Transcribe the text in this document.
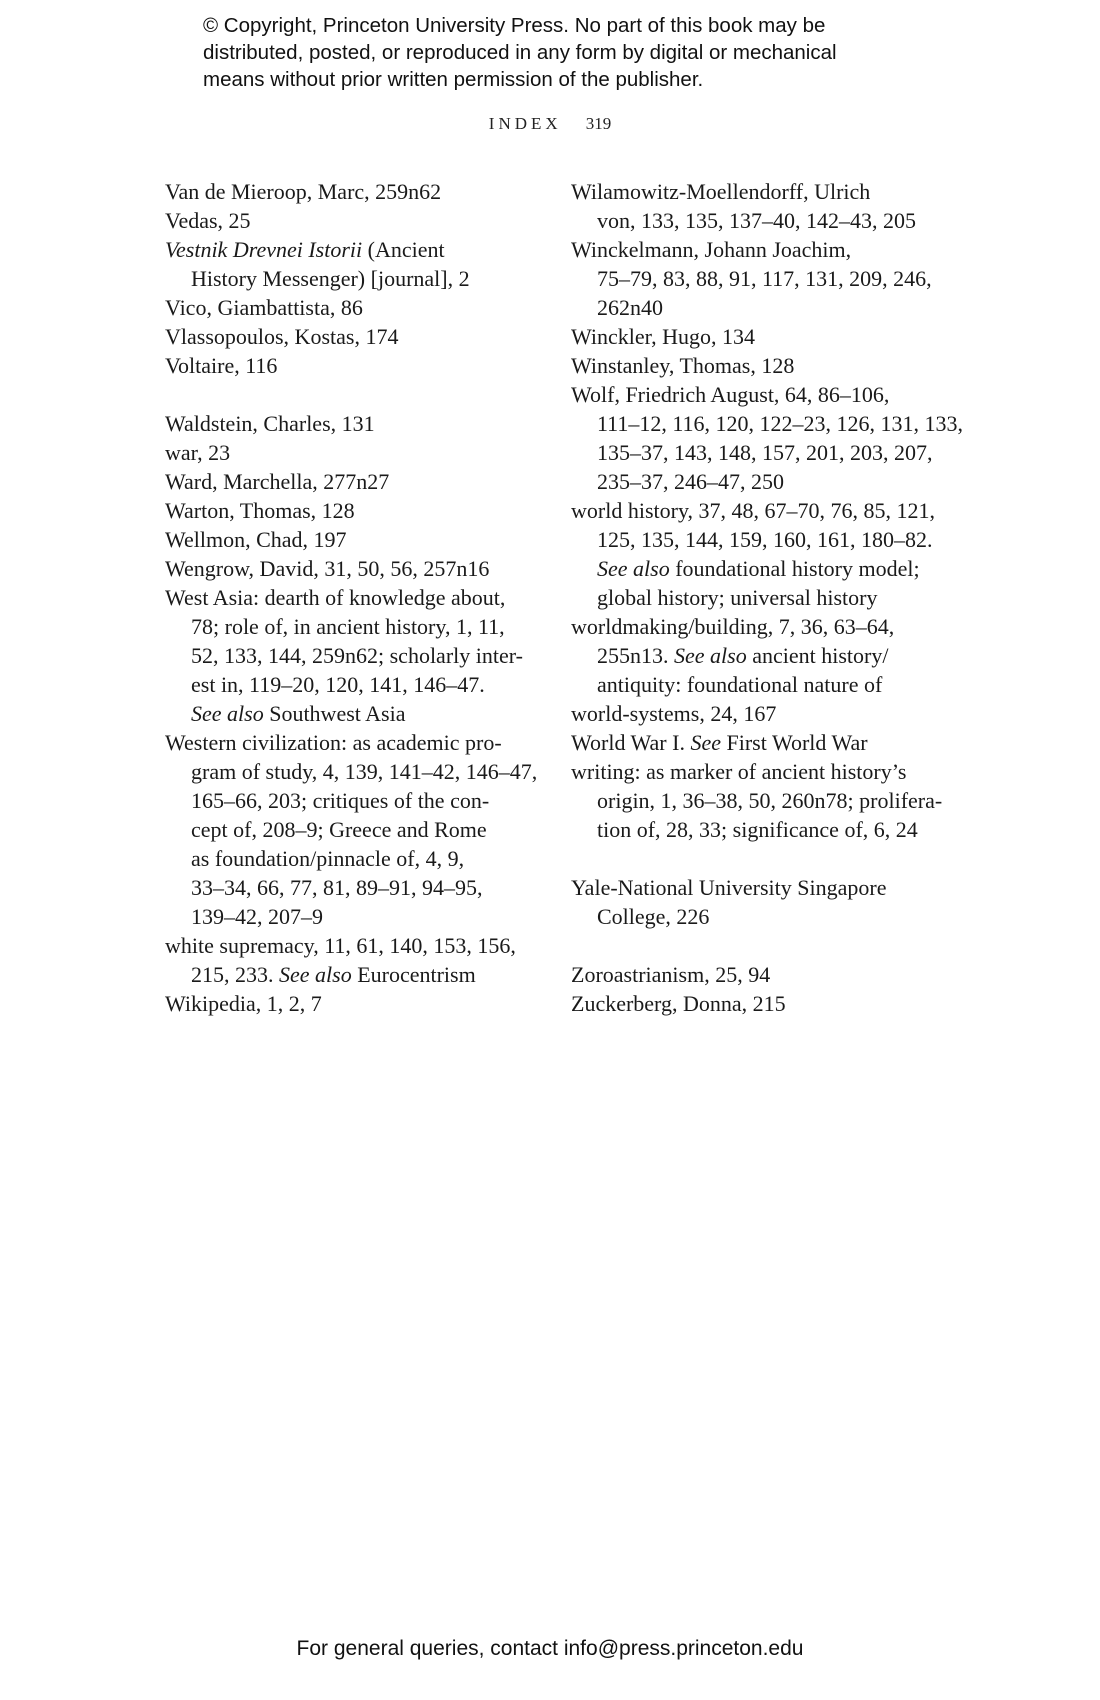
© Copyright, Princeton University Press. No part of this book may be
distributed, posted, or reproduced in any form by digital or mechanical
means without prior written permission of the publisher.
INDEX 319
Van de Mieroop, Marc, 259n62
Vedas, 25
Vestnik Drevnei Istorii (Ancient
History Messenger) [journal], 2
Vico, Giambattista, 86
Vlassopoulos, Kostas, 174
Voltaire, 116
Waldstein, Charles, 131
war, 23
Ward, Marchella, 277n27
Warton, Thomas, 128
Wellmon, Chad, 197
Wengrow, David, 31, 50, 56, 257n16
West Asia: dearth of knowledge about,
78; role of, in ancient history, 1, 11,
52, 133, 144, 259n62; scholarly inter-
est in, 119–20, 120, 141, 146–47.
See also Southwest Asia
Western civilization: as academic pro-
gram of study, 4, 139, 141–42, 146–47,
165–66, 203; critiques of the con-
cept of, 208–9; Greece and Rome
as foundation/pinnacle of, 4, 9,
33–34, 66, 77, 81, 89–91, 94–95,
139–42, 207–9
white supremacy, 11, 61, 140, 153, 156,
215, 233. See also Eurocentrism
Wikipedia, 1, 2, 7
Wilamowitz-Moellendorff, Ulrich
von, 133, 135, 137–40, 142–43, 205
Winckelmann, Johann Joachim,
75–79, 83, 88, 91, 117, 131, 209, 246,
262n40
Winckler, Hugo, 134
Winstanley, Thomas, 128
Wolf, Friedrich August, 64, 86–106,
111–12, 116, 120, 122–23, 126, 131, 133,
135–37, 143, 148, 157, 201, 203, 207,
235–37, 246–47, 250
world history, 37, 48, 67–70, 76, 85, 121,
125, 135, 144, 159, 160, 161, 180–82.
See also foundational history model;
global history; universal history
worldmaking/building, 7, 36, 63–64,
255n13. See also ancient history/
antiquity: foundational nature of
world-systems, 24, 167
World War I. See First World War
writing: as marker of ancient history’s
origin, 1, 36–38, 50, 260n78; prolifera-
tion of, 28, 33; significance of, 6, 24
Yale-National University Singapore
College, 226
Zoroastrianism, 25, 94
Zuckerberg, Donna, 215
For general queries, contact info@press.princeton.edu
